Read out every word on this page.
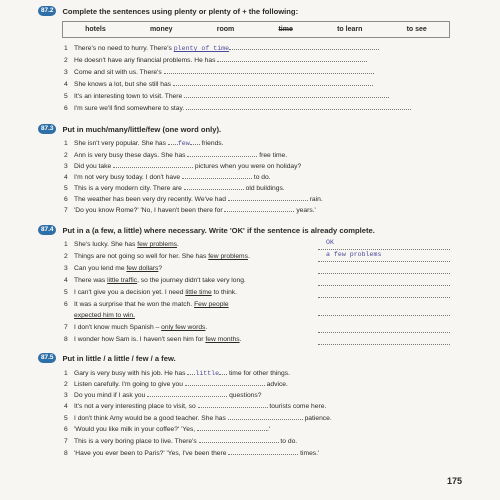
87.2	Complete the sentences using plenty or plenty of + the following:
hotels	money	room	time	to learn	to see
1 There's no need to hurry. There's plenty of time
2 He doesn't have any financial problems. He has
3 Come and sit with us. There's
4 She knows a lot, but she still has
5 It's an interesting town to visit. There
6 I'm sure we'll find somewhere to stay.
87.3	Put in much/many/little/few (one word only).
1 She isn't very popular. She has few friends.
2 Ann is very busy these days. She has	free time.
3 Did you take	pictures when you were on holiday?
4 I'm not very busy today. I don't have	to do.
5 This is a very modern city. There are	old buildings.
6 The weather has been very dry recently. We've had	rain.
7 'Do you know Rome?' 'No, I haven't been there for	years.'
87.4	Put in a (a few, a little) where necessary. Write 'OK' if the sentence is already complete.
1 She's lucky. She has few problems.	OK
2 Things are not going so well for her. She has few problems.	a few problems
3 Can you lend me few dollars?
4 There was little traffic, so the journey didn't take very long.
5 I can't give you a decision yet. I need little time to think.
6 It was a surprise that he won the match. Few people
expected him to win.
7 I don't know much Spanish – only few words.
8 I wonder how Sam is. I haven't seen him for few months.
87.5	Put in little / a little / few / a few.
1 Gary is very busy with his job. He has little time for other things.
2 Listen carefully. I'm going to give you	advice.
3 Do you mind if I ask you	questions?
4 It's not a very interesting place to visit, so	tourists come here.
5 I don't think Amy would be a good teacher. She has	patience.
6 'Would you like milk in your coffee?' 'Yes,	.'
7 This is a very boring place to live. There's	to do.
8 'Have you ever been to Paris?' 'Yes, I've been there	times.'
175
